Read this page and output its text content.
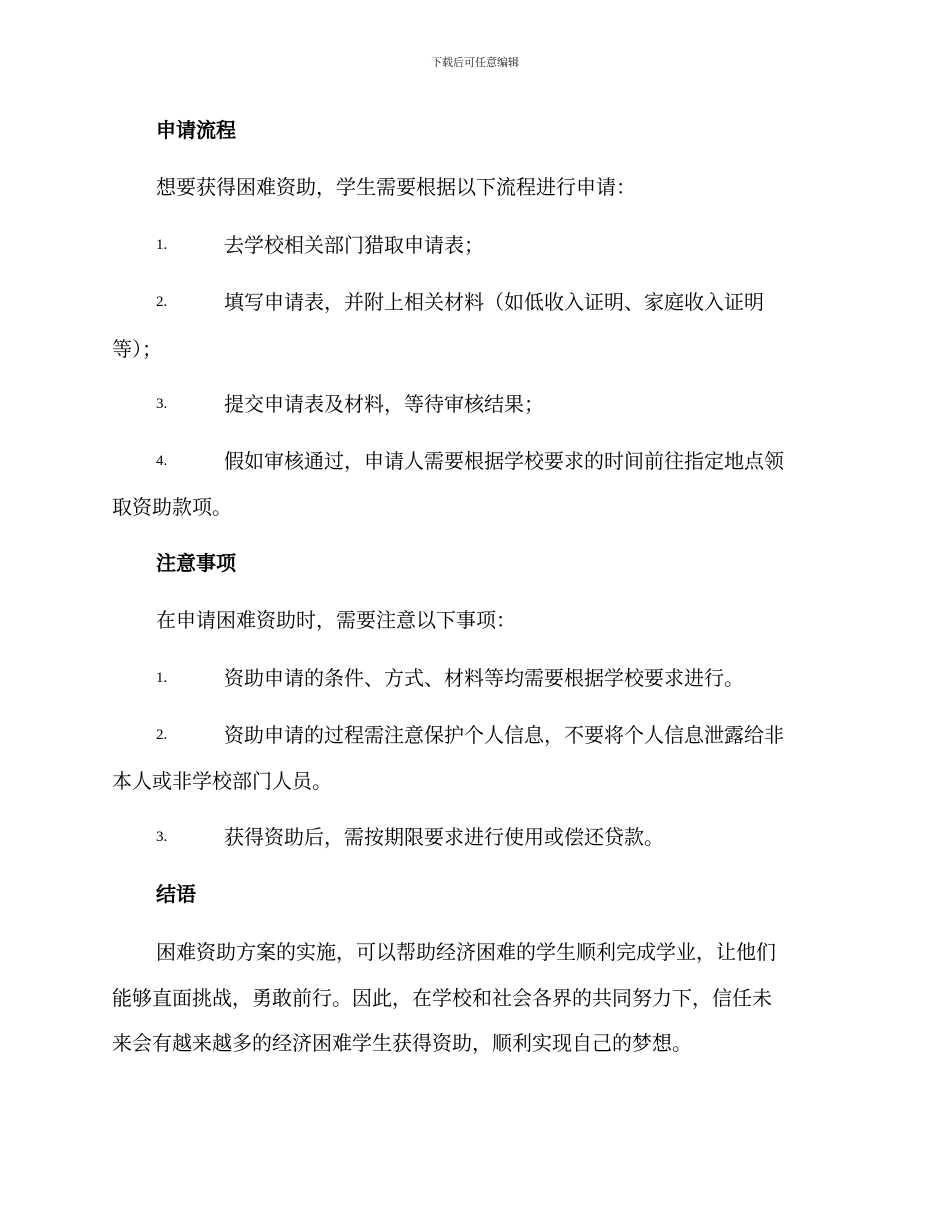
下载后可任意编辑
申请流程
想要获得困难资助，学生需要根据以下流程进行申请：
1.	去学校相关部门猎取申请表；
2.	填写申请表，并附上相关材料（如低收入证明、家庭收入证明
等）；
3.	提交申请表及材料，等待审核结果；
4.	假如审核通过，申请人需要根据学校要求的时间前往指定地点领
取资助款项。
注意事项
在申请困难资助时，需要注意以下事项：
1.	资助申请的条件、方式、材料等均需要根据学校要求进行。
2.	资助申请的过程需注意保护个人信息，不要将个人信息泄露给非
本人或非学校部门人员。
3.	获得资助后，需按期限要求进行使用或偿还贷款。
结语
困难资助方案的实施，可以帮助经济困难的学生顺利完成学业，让他们
能够直面挑战，勇敢前行。因此，在学校和社会各界的共同努力下，信任未
来会有越来越多的经济困难学生获得资助，顺利实现自己的梦想。
